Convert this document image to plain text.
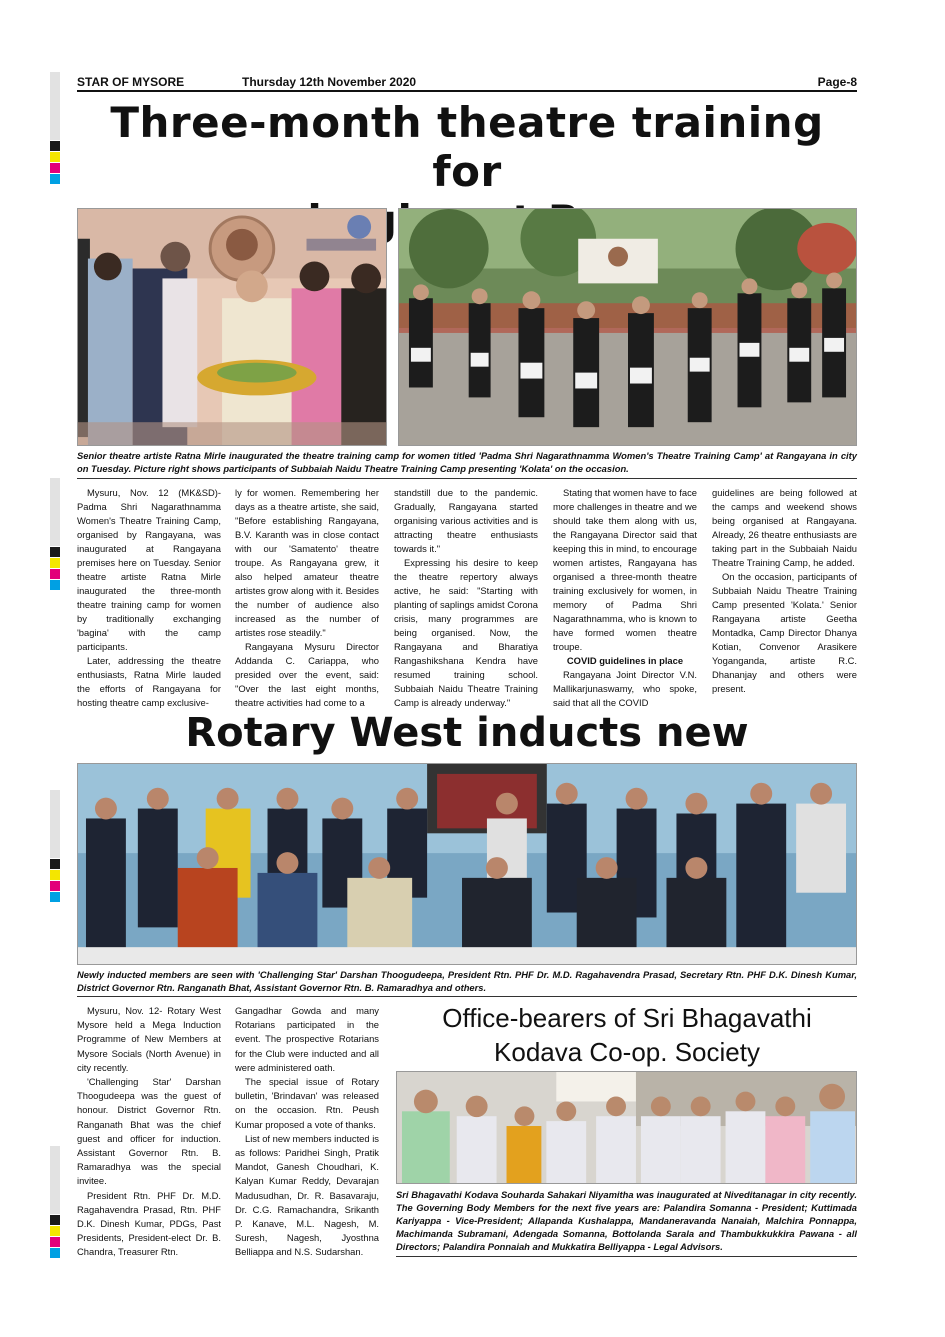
STAR OF MYSORE	Thursday 12th November 2020	Page-8
Three-month theatre training for
begins
Senior theatre artiste Ratna Mirle inaugurated the theatre training camp for women titled 'Padma Shri Nagarathnamma Women's Theatre Training Camp' at Rangayana in city on Tuesday. Picture right shows participants of Subbaiah Naidu Theatre Training Camp presenting 'Kolata' on the occasion.

Mysuru, Nov. 12 (MK&SD)- Padma Shri Nagarathnamma Women's Theatre Training Camp, organised by Rangayana, was inaugurated at Rangayana premises here on Tuesday. Senior theatre artiste Ratna Mirle inaugurated the three-month theatre training camp for women by traditionally exchanging 'bagina' with the camp participants.

Later, addressing the theatre enthusiasts, Ratna Mirle lauded the efforts of Rangayana for hosting theatre camp exclusive-

ly for women. Remembering her days as a theatre artiste, she said, "Before establishing Rangayana, B.V. Karanth was in close contact with our 'Samatento' theatre troupe. As Rangayana grew, it also helped amateur theatre artistes grow along with it. Besides the number of audience also increased as the number of artistes rose steadily."

Rangayana Mysuru Director Addanda C. Cariappa, who presided over the event, said: "Over the last eight months, theatre activities had come to a

standstill due to the pandemic. Gradually, Rangayana started organising various activities and is attracting theatre enthusiasts towards it."

Expressing his desire to keep the theatre repertory always active, he said: "Starting with planting of saplings amidst Corona crisis, many programmes are being organised. Now, the Rangayana and Bharatiya Rangashikshana Kendra have resumed training school. Subbaiah Naidu Theatre Training Camp is already underway."

Stating that women have to face more challenges in theatre and we should take them along with us, the Rangayana Director said that keeping this in mind, to encourage women artistes, Rangayana has organised a three-month theatre training exclusively for women, in memory of Padma Shri Nagarathnamma, who is known to have formed women theatre troupe.

COVID guidelines in place

Rangayana Joint Director V.N. Mallikarjunaswamy, who spoke, said that all the COVID

guidelines are being followed at the camps and weekend shows being organised at Rangayana. Already, 26 theatre enthusiasts are taking part in the Subbaiah Naidu Theatre Training Camp, he added.

On the occasion, participants of Subbaiah Naidu Theatre Training Camp presented 'Kolata.' Senior Rangayana artiste Geetha Montadka, Camp Director Dhanya Kotian, Convenor Arasikere Yoganganda, artiste R.C. Dhananjay and others were present.

Rotary West inducts new
Newly inducted members are seen with 'Challenging Star' Darshan Thoogudeepa, President Rtn. PHF Dr. M.D. Ragahavendra Prasad, Secretary Rtn. PHF D.K. Dinesh Kumar, District Governor Rtn. Ranganath Bhat, Assistant Governor Rtn. B. Ramaradhya and others.

Mysuru, Nov. 12- Rotary West Mysore held a Mega Induction Programme of New Members at Mysore Socials (North Avenue) in city recently.

'Challenging Star' Darshan Thoogudeepa was the guest of honour. District Governor Rtn. Ranganath Bhat was the chief guest and officer for induction. Assistant Governor Rtn. B. Ramaradhya was the special invitee.

President Rtn. PHF Dr. M.D. Ragahavendra Prasad, Rtn. PHF D.K. Dinesh Kumar, PDGs, Past Presidents, President-elect Dr. B. Chandra, Treasurer Rtn.

Gangadhar Gowda and many Rotarians participated in the event. The prospective Rotarians for the Club were inducted and all were administered oath.

The special issue of Rotary bulletin, 'Brindavan' was released on the occasion. Rtn. Peush Kumar proposed a vote of thanks.

List of new members inducted is as follows: Paridhei Singh, Pratik Mandot, Ganesh Choudhari, K. Kalyan Kumar Reddy, Devarajan Madusudhan, Dr. R. Basavaraju, Dr. C.G. Ramachandra, Srikanth P. Kanave, M.L. Nagesh, M. Suresh, Nagesh, Jyosthna Belliappa and N.S. Sudarshan.

Office-bearers of Sri Bhagavathi
Kodava Co-op. Society
Sri Bhagavathi Kodava Souharda Sahakari Niyamitha was inaugurated at Niveditanagar in city recently. The Governing Body Members for the next five years are: Palandira Somanna - President; Kuttimada Kariyappa - Vice-President; Allapanda Kushalappa, Mandaneravanda Nanaiah, Malchira Ponnappa, Machimanda Subramani, Adengada Somanna, Bottolanda Sarala and Thambukkukkira Pawana - all Directors; Palandira Ponnaiah and Mukkatira Belliyappa - Legal Advisors.
